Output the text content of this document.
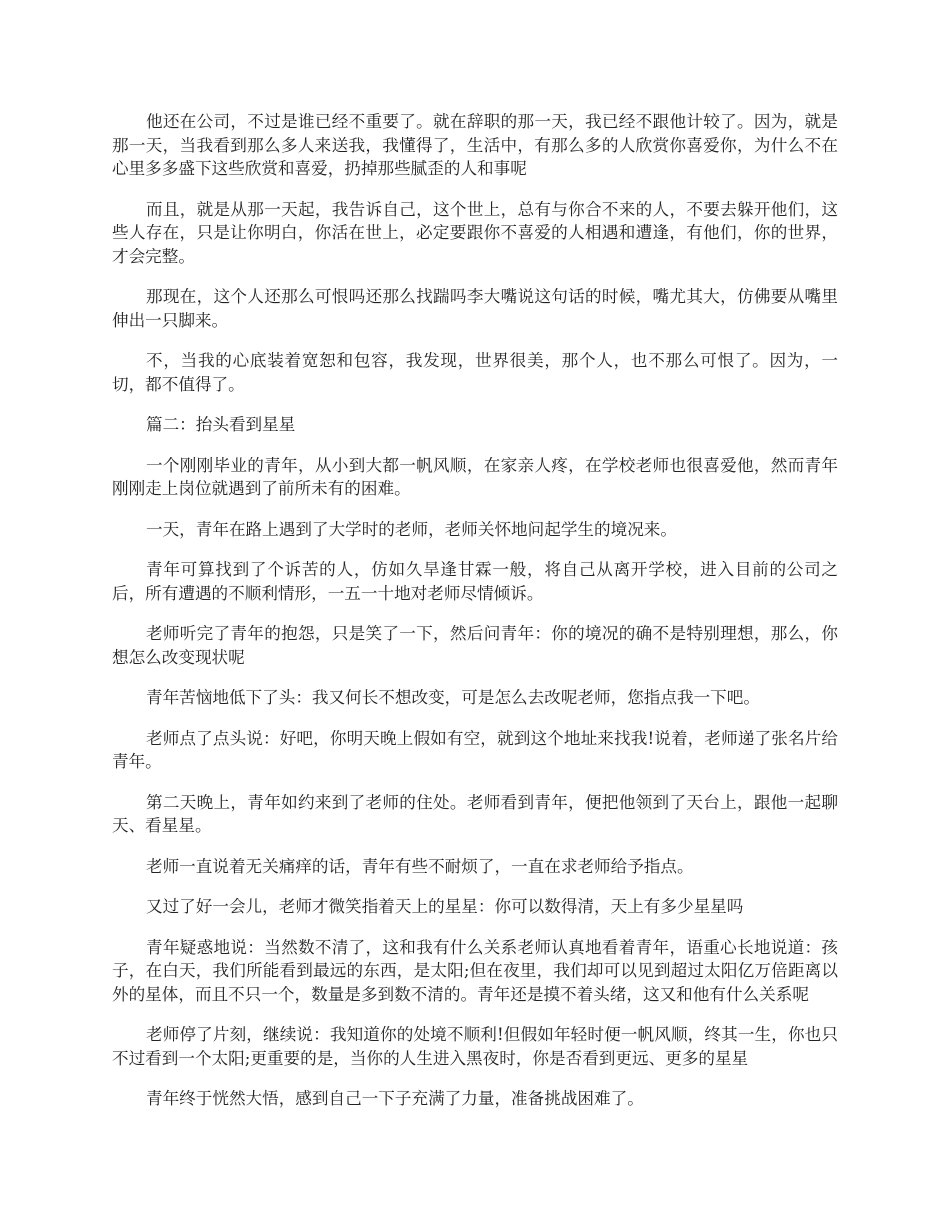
他还在公司，不过是谁已经不重要了。就在辞职的那一天，我已经不跟他计较了。因为，就是那一天，当我看到那么多人来送我，我懂得了，生活中，有那么多的人欣赏你喜爱你，为什么不在心里多多盛下这些欣赏和喜爱，扔掉那些腻歪的人和事呢

而且，就是从那一天起，我告诉自己，这个世上，总有与你合不来的人，不要去躲开他们，这些人存在，只是让你明白，你活在世上，必定要跟你不喜爱的人相遇和遭逢，有他们，你的世界，才会完整。

那现在，这个人还那么可恨吗还那么找踹吗李大嘴说这句话的时候，嘴尤其大，仿佛要从嘴里伸出一只脚来。

不，当我的心底装着宽恕和包容，我发现，世界很美，那个人，也不那么可恨了。因为，一切，都不值得了。

篇二：抬头看到星星

一个刚刚毕业的青年，从小到大都一帆风顺，在家亲人疼，在学校老师也很喜爱他，然而青年刚刚走上岗位就遇到了前所未有的困难。

一天，青年在路上遇到了大学时的老师，老师关怀地问起学生的境况来。

青年可算找到了个诉苦的人，仿如久旱逢甘霖一般，将自己从离开学校，进入目前的公司之后，所有遭遇的不顺利情形，一五一十地对老师尽情倾诉。

老师听完了青年的抱怨，只是笑了一下，然后问青年：你的境况的确不是特别理想，那么，你想怎么改变现状呢

青年苦恼地低下了头：我又何长不想改变，可是怎么去改呢老师，您指点我一下吧。

老师点了点头说：好吧，你明天晚上假如有空，就到这个地址来找我!说着，老师递了张名片给青年。

第二天晚上，青年如约来到了老师的住处。老师看到青年，便把他领到了天台上，跟他一起聊天、看星星。

老师一直说着无关痛痒的话，青年有些不耐烦了，一直在求老师给予指点。

又过了好一会儿，老师才微笑指着天上的星星：你可以数得清，天上有多少星星吗

青年疑惑地说：当然数不清了，这和我有什么关系老师认真地看着青年，语重心长地说道：孩子，在白天，我们所能看到最远的东西，是太阳;但在夜里，我们却可以见到超过太阳亿万倍距离以外的星体，而且不只一个，数量是多到数不清的。青年还是摸不着头绪，这又和他有什么关系呢

老师停了片刻，继续说：我知道你的处境不顺利!但假如年轻时便一帆风顺，终其一生，你也只不过看到一个太阳;更重要的是，当你的人生进入黑夜时，你是否看到更远、更多的星星

青年终于恍然大悟，感到自己一下子充满了力量，准备挑战困难了。
